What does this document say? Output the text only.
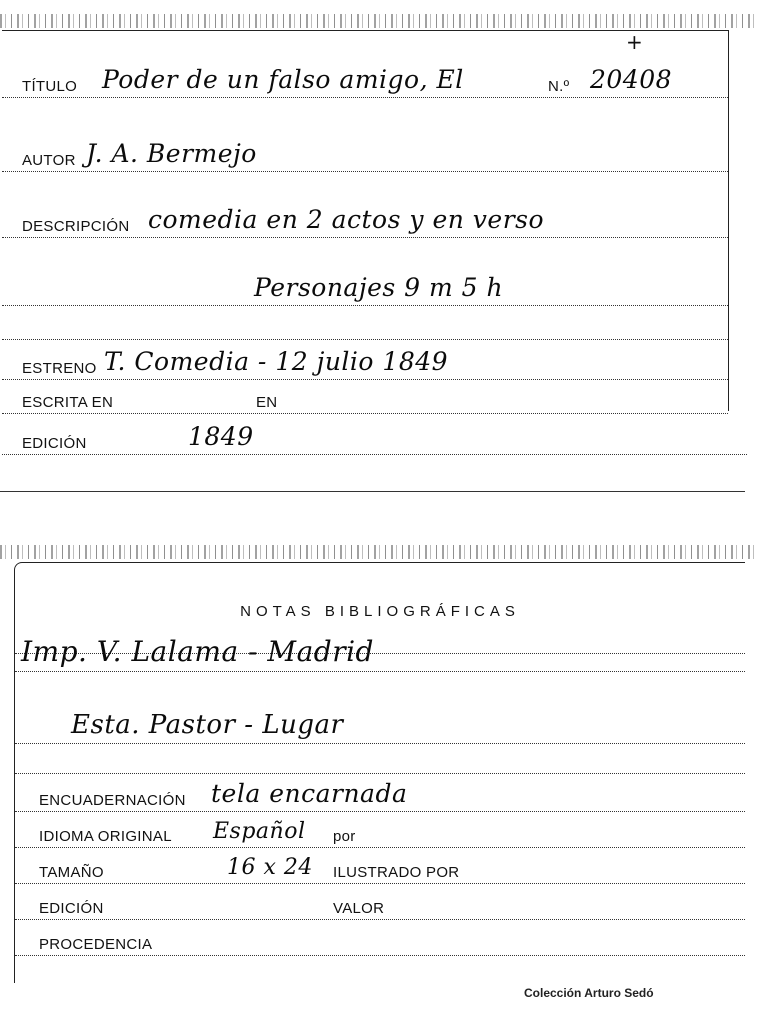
TÍTULO Poder de un falso amigo, El	N.º 20408
AUTOR J. A. Bermejo
DESCRIPCIÓN comedia en 2 actos y en verso
Personajes 9 m 5 h
ESTRENO T. Comedia - 12 julio 1849
ESCRITA EN	EN
EDICIÓN	1849
+
NOTAS BIBLIOGRÁFICAS
Imp. V. Lalama - Madrid
Esta. Pastor - Lugar
ENCUADERNACIÓN tela encarnada
IDIOMA ORIGINAL Español por
TAMAÑO	16 x 24 ILUSTRADO POR
EDICIÓN	VALOR
PROCEDENCIA
Colección Arturo Sedó
